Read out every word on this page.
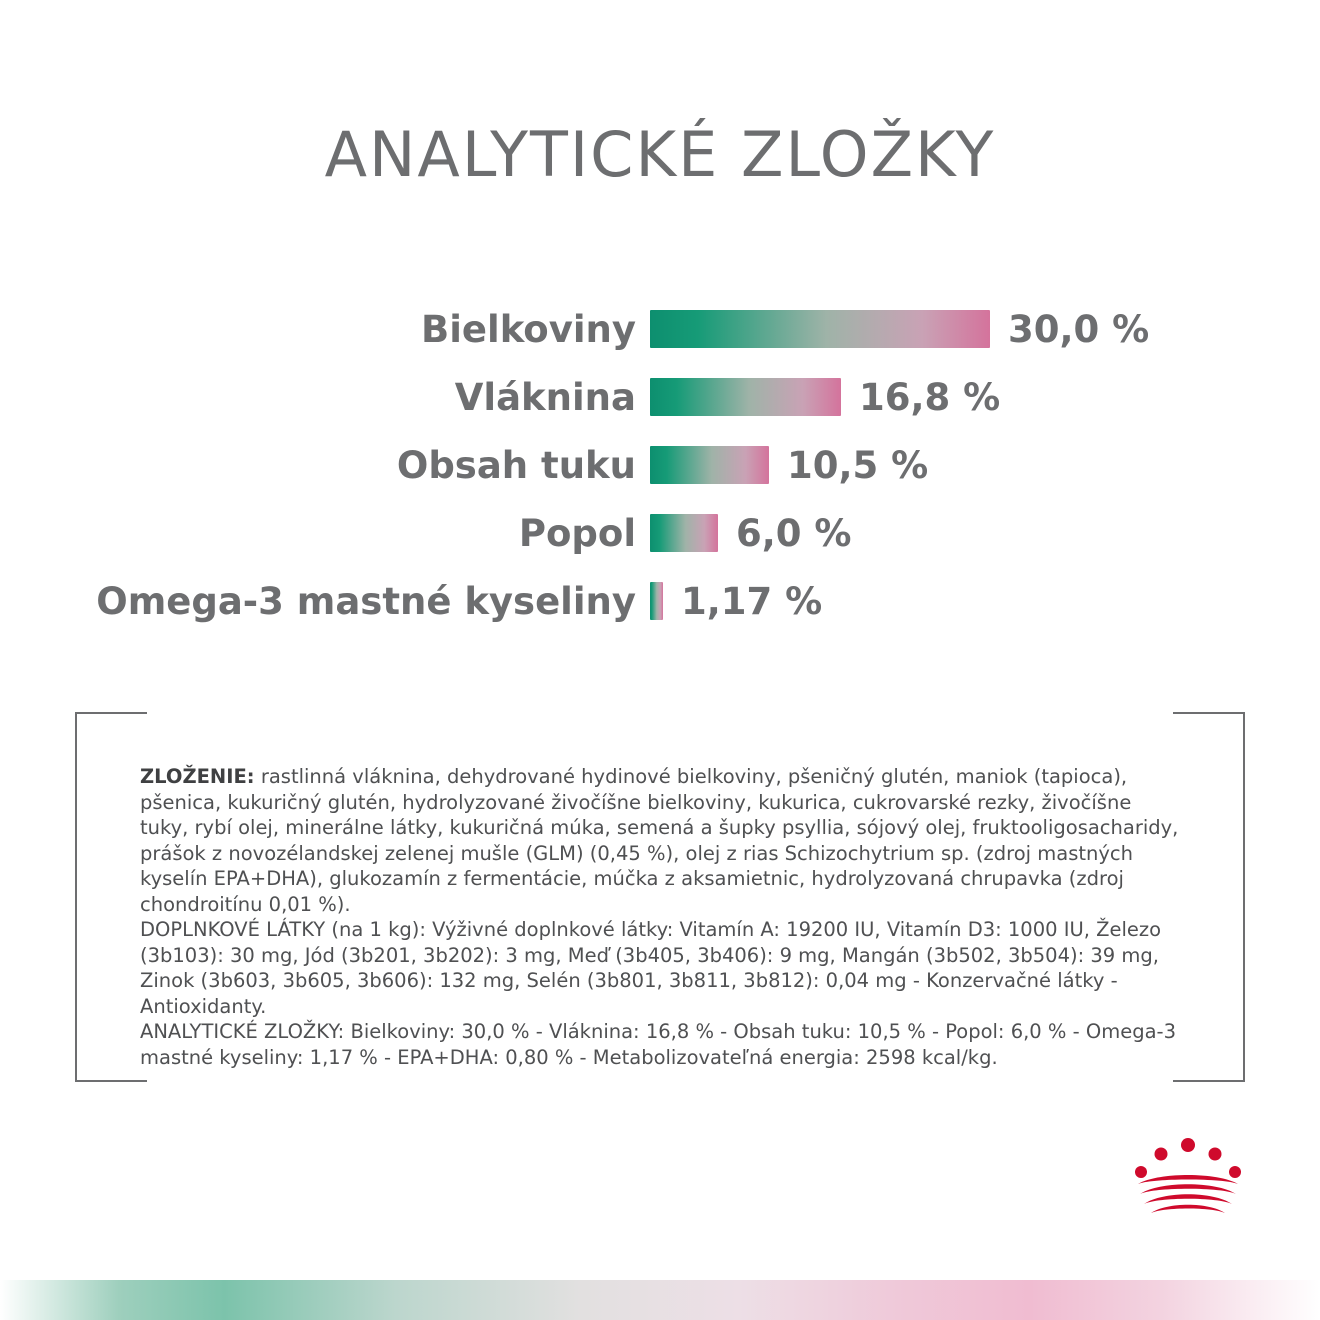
ANALYTICKÉ ZLOŽKY
Bielkoviny	30,0 %
Vláknina	16,8 %
Obsah tuku	10,5 %
Popol	6,0 %
Omega-3 mastné kyseliny	1,17 %

ZLOŽENIE: rastlinná vláknina, dehydrované hydinové bielkoviny, pšeničný glutén, maniok (tapioca), pšenica, kukuričný glutén, hydrolyzované živočíšne bielkoviny, kukurica, cukrovarské rezky, živočíšne tuky, rybí olej, minerálne látky, kukuričná múka, semená a šupky psyllia, sójový olej, fruktooligosacharidy, prášok z novozélandskej zelenej mušle (GLM) (0,45 %), olej z rias Schizochytrium sp. (zdroj mastných kyselín EPA+DHA), glukozamín z fermentácie, múčka z aksamietnic, hydrolyzovaná chrupavka (zdroj chondroitínu 0,01 %).

DOPLNKOVÉ LÁTKY (na 1 kg): Výživné doplnkové látky: Vitamín A: 19200 IU, Vitamín D3: 1000 IU, Železo (3b103): 30 mg, Jód (3b201, 3b202): 3 mg, Meď (3b405, 3b406): 9 mg, Mangán (3b502, 3b504): 39 mg, Zinok (3b603, 3b605, 3b606): 132 mg, Selén (3b801, 3b811, 3b812): 0,04 mg - Konzervačné látky - Antioxidanty.

ANALYTICKÉ ZLOŽKY: Bielkoviny: 30,0 % - Vláknina: 16,8 % - Obsah tuku: 10,5 % - Popol: 6,0 % - Omega-3 mastné kyseliny: 1,17 % - EPA+DHA: 0,80 % - Metabolizovateľná energia: 2598 kcal/kg.
